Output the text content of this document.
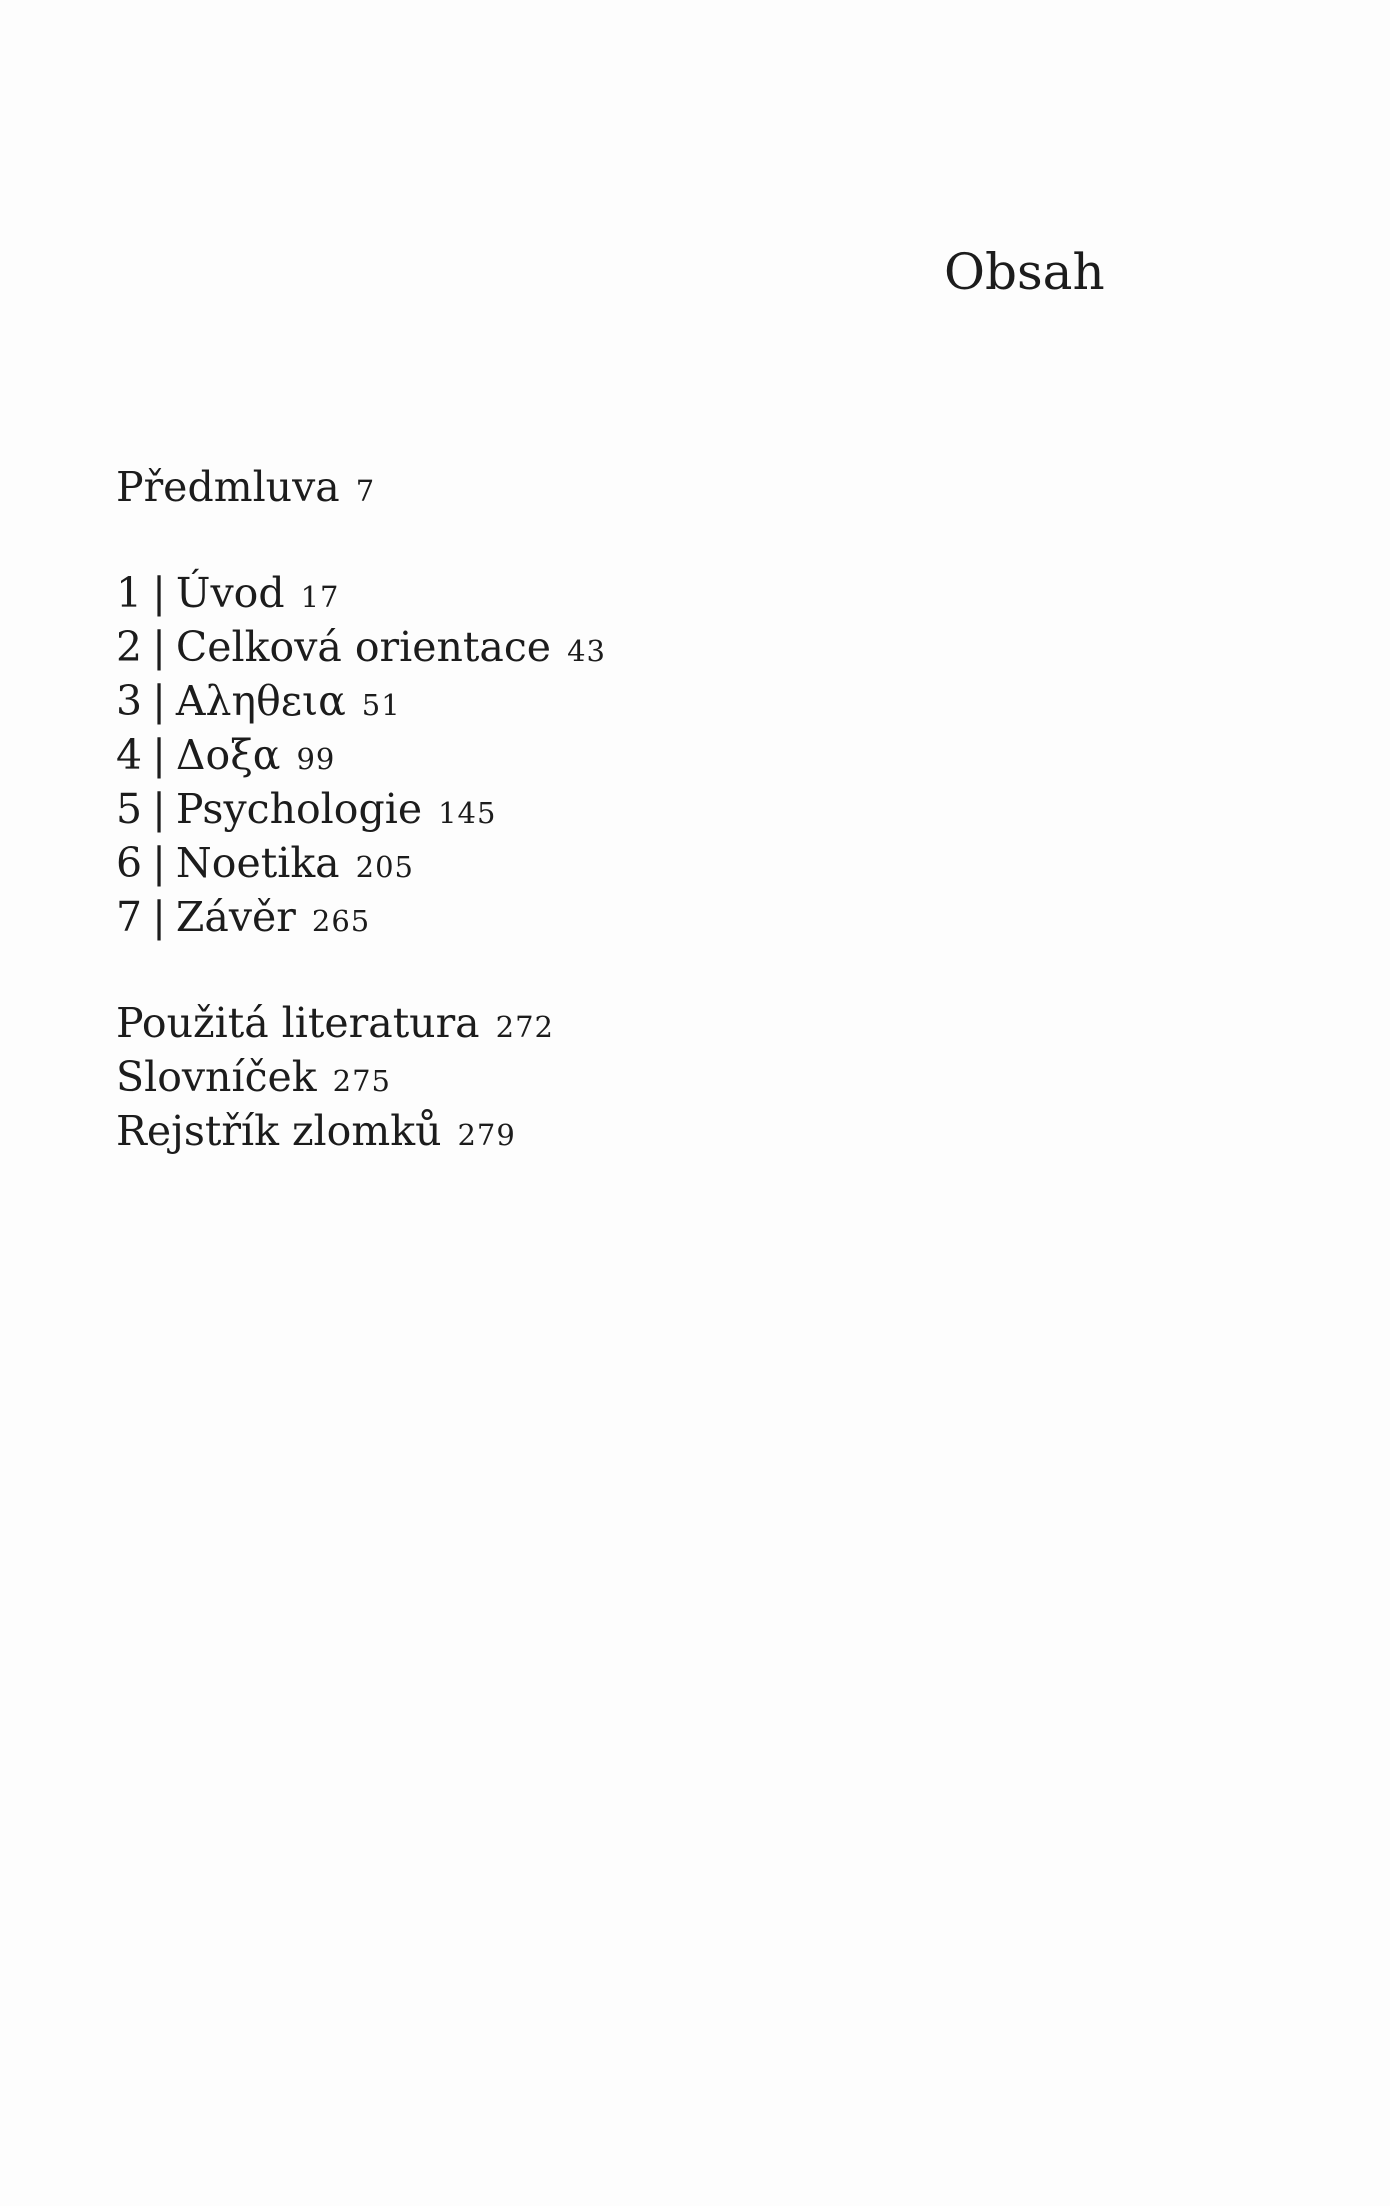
Obsah
Předmluva 7
1 | Úvod 17
2 | Celková orientace 43
3 | Αληθεια 51
4 | Δοξα 99
5 | Psychologie 145
6 | Noetika 205
7 | Závěr 265
Použitá literatura 272
Slovníček 275
Rejstřík zlomků 279
